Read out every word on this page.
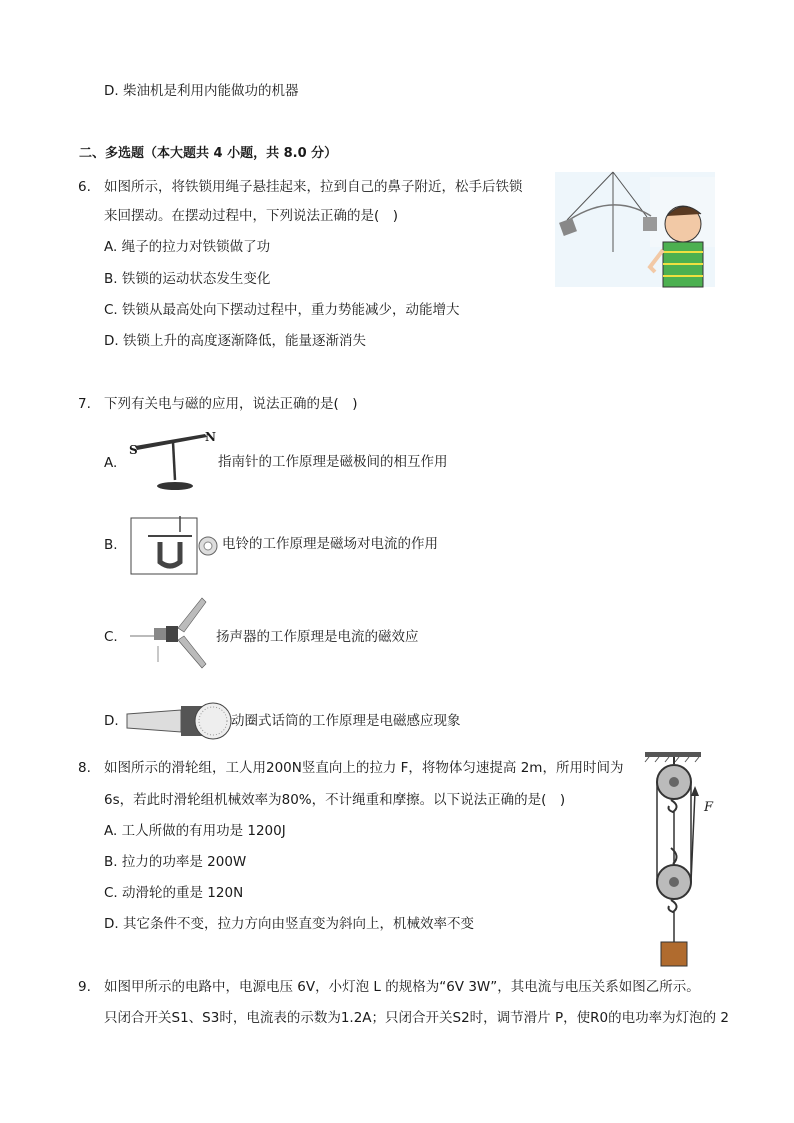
D. 柴油机是利用内能做功的机器
二、多选题（本大题共 4 小题，共 8.0 分）
6. 如图所示，将铁锁用绳子悬挂起来，拉到自己的鼻子附近，松手后铁锁
来回摆动。在摆动过程中，下列说法正确的是(　)
A. 绳子的拉力对铁锁做了功
B. 铁锁的运动状态发生变化
C. 铁锁从最高处向下摆动过程中，重力势能减少，动能增大
D. 铁锁上升的高度逐渐降低，能量逐渐消失
7. 下列有关电与磁的应用，说法正确的是(　)
A.
S
N
指南针的工作原理是磁极间的相互作用
B.	电铃的工作原理是磁场对电流的作用
C.	扬声器的工作原理是电流的磁效应
D.	动圈式话筒的工作原理是电磁感应现象
8. 如图所示的滑轮组，工人用200N竖直向上的拉力 F，将物体匀速提高 2m，所用时间为
6s，若此时滑轮组机械效率为80%，不计绳重和摩擦。以下说法正确的是(　)
A. 工人所做的有用功是 1200J
B. 拉力的功率是 200W
C. 动滑轮的重是 120N
D. 其它条件不变，拉力方向由竖直变为斜向上，机械效率不变
F
9. 如图甲所示的电路中，电源电压 6V，小灯泡 L 的规格为“6V 3W”，其电流与电压关系如图乙所示。
只闭合开关S1、S3时，电流表的示数为1.2A；只闭合开关S2时，调节滑片 P，使R0的电功率为灯泡的 2
